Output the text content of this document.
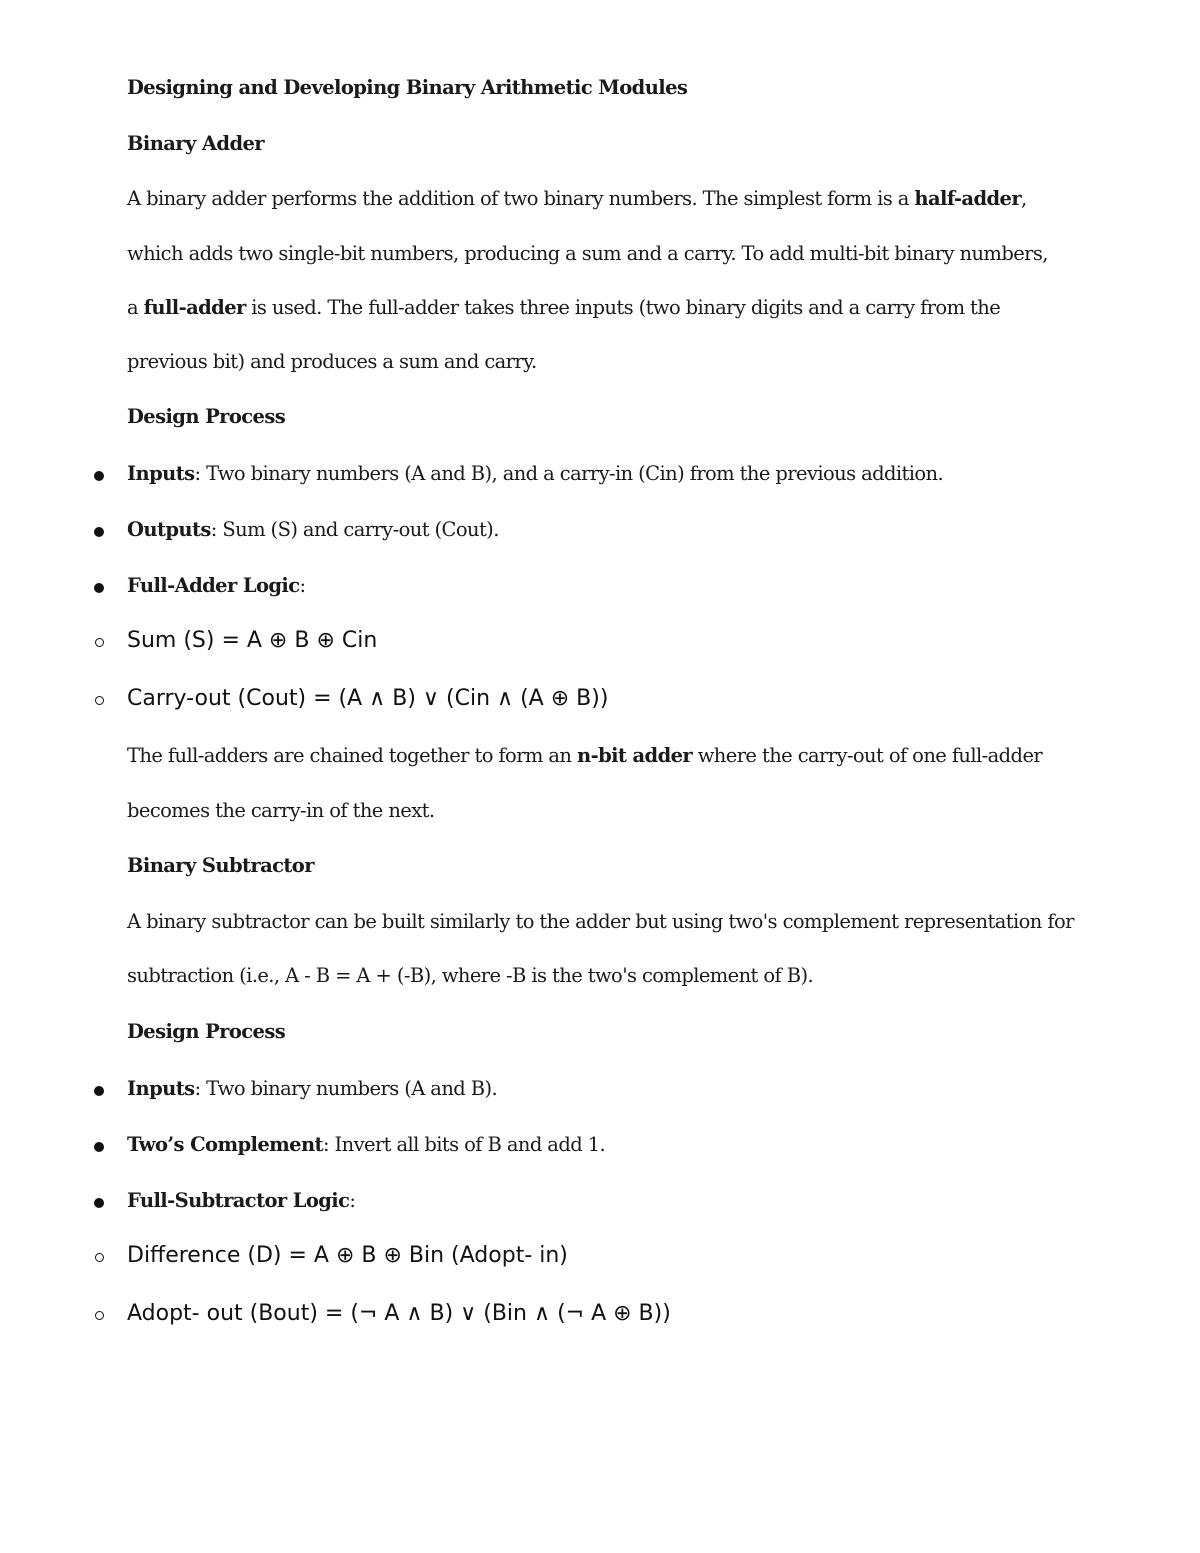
Designing and Developing Binary Arithmetic Modules
Binary Adder
A binary adder performs the addition of two binary numbers. The simplest form is a half-adder,
which adds two single-bit numbers, producing a sum and a carry. To add multi-bit binary numbers,
a full-adder is used. The full-adder takes three inputs (two binary digits and a carry from the
previous bit) and produces a sum and carry.
Design Process
Inputs: Two binary numbers (A and B), and a carry-in (Cin) from the previous addition.
Outputs: Sum (S) and carry-out (Cout).
Full-Adder Logic:
Sum (S) = A ⊕ B ⊕ Cin
Carry-out (Cout) = (A ∧ B) ∨ (Cin ∧ (A ⊕ B))
The full-adders are chained together to form an n-bit adder where the carry-out of one full-adder
becomes the carry-in of the next.
Binary Subtractor
A binary subtractor can be built similarly to the adder but using two's complement representation for
subtraction (i.e., A - B = A + (-B), where -B is the two's complement of B).
Design Process
Inputs: Two binary numbers (A and B).
Two’s Complement: Invert all bits of B and add 1.
Full-Subtractor Logic:
Difference (D) = A ⊕ B ⊕ Bin (Adopt- in)
Adopt- out (Bout) = (¬ A ∧ B) ∨ (Bin ∧ (¬ A ⊕ B))
